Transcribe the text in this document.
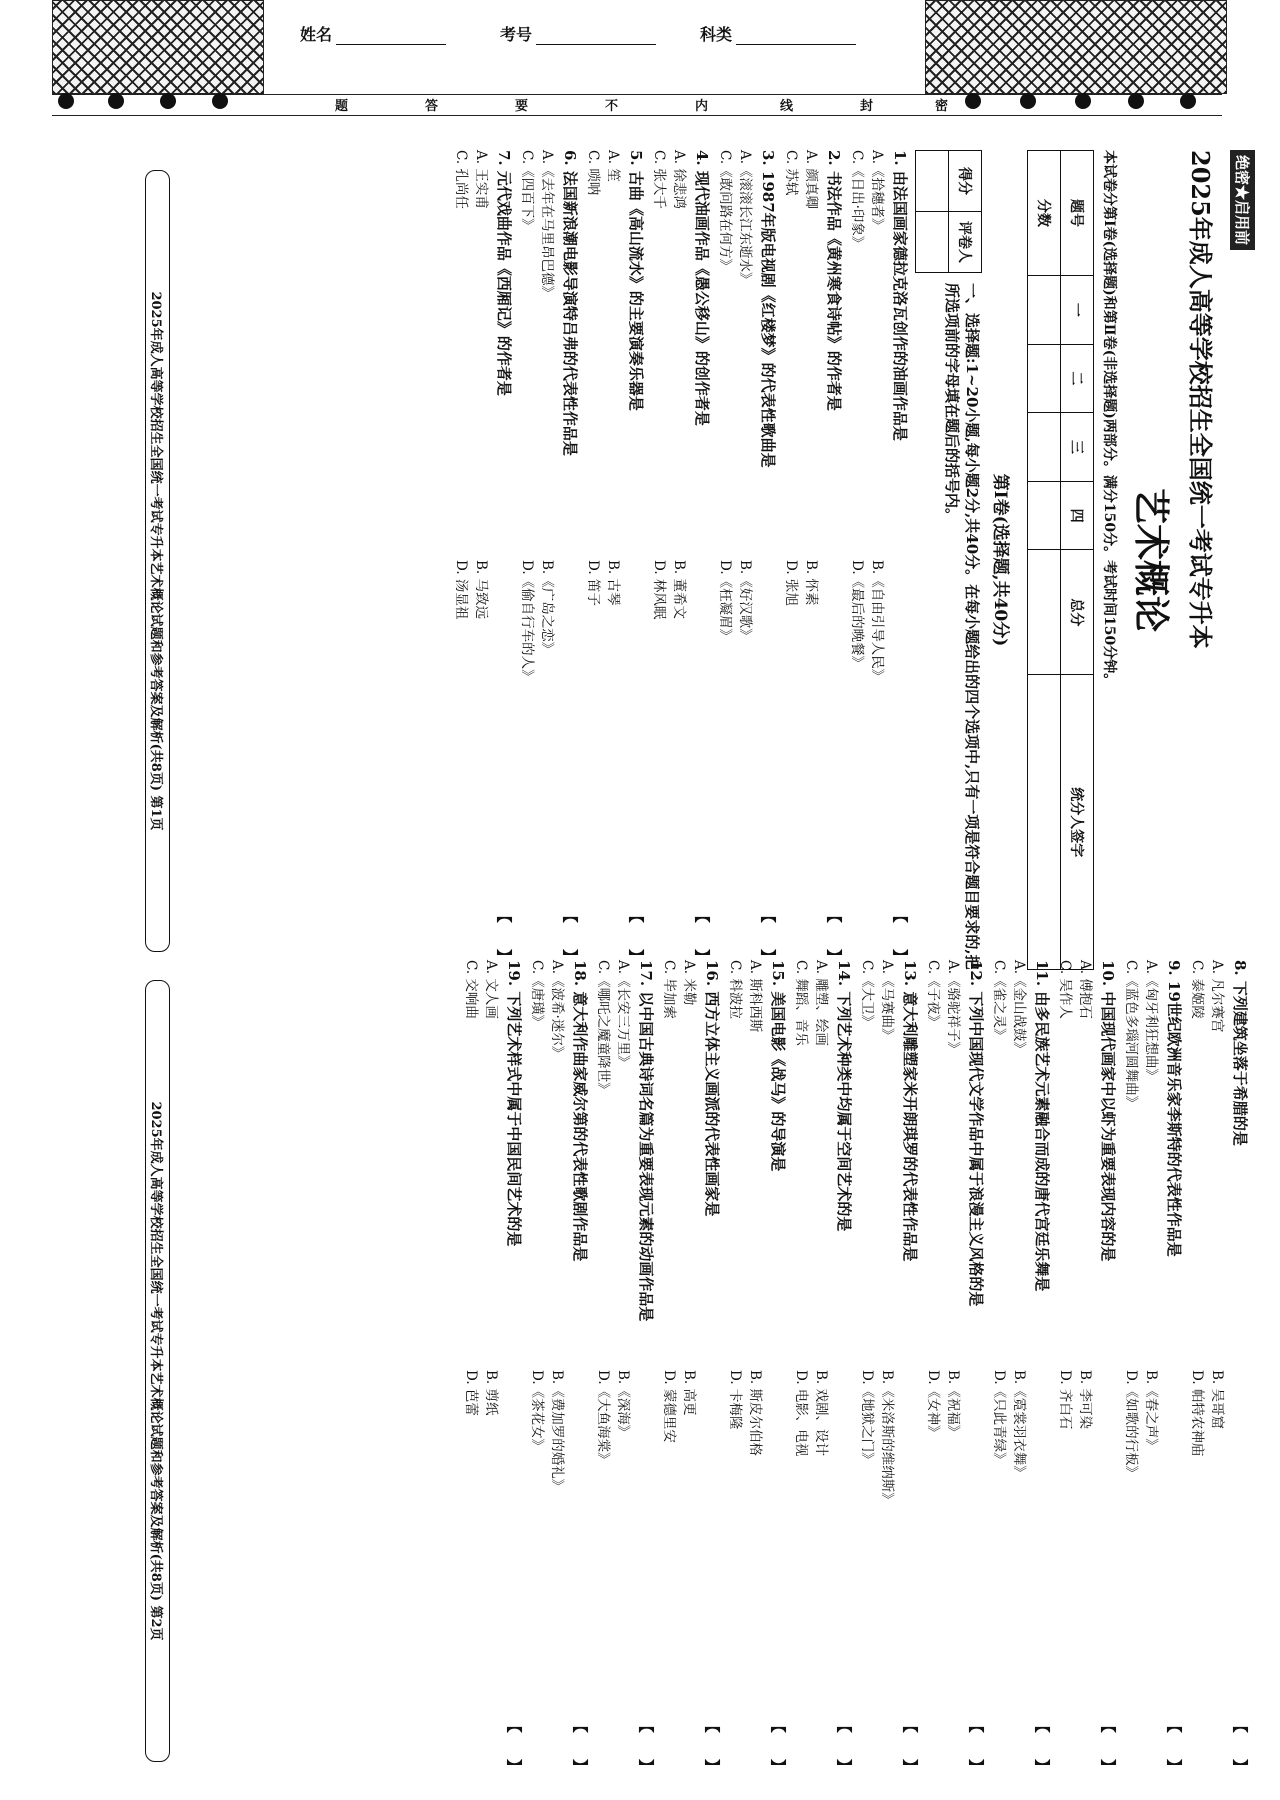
姓名	考号	科类
题	答	要	不	内	线	封	密
绝密★启用前
2025年成人高等学校招生全国统一考试专升本
艺术概论
本试卷分第Ⅰ卷(选择题)和第Ⅱ卷(非选择题)两部分。满分150分。考试时间150分钟。
题号	一	二	三	四	总分	统分人签字
分数						
第Ⅰ卷(选择题,共40分)
得分	评卷人

一、选择题:1~20小题,每小题2分,共40分。在每小题给出的四个选项中,只有一项是符合题目要求的,把所选项前的字母填在题后的括号内。
1. 由法国画家德拉克洛瓦创作的油画作品是
【     】
A.《拾穗者》
B.《自由引导人民》
C.《日出·印象》
D.《最后的晚餐》
2. 书法作品《黄州寒食诗帖》的作者是
【     】
A. 颜真卿
B. 怀素
C. 苏轼
D. 张旭
3. 1987年版电视剧《红楼梦》的代表性歌曲是
【     】
A.《滚滚长江东逝水》
B.《好汉歌》
C.《敢问路在何方》
D.《枉凝眉》
4. 现代油画作品《愚公移山》的创作者是
【     】
A. 徐悲鸿
B. 董希文
C. 张大千
D. 林风眠
5. 古曲《高山流水》的主要演奏乐器是
【     】
A. 笙
B. 古琴
C. 唢呐
D. 笛子
6. 法国新浪潮电影导演特吕弗的代表性作品是
【     】
A.《去年在马里昂巴德》
B.《广岛之恋》
C.《四百下》
D.《偷自行车的人》
7. 元代戏曲作品《西厢记》的作者是
【     】
A. 王实甫
B. 马致远
C. 孔尚任
D. 汤显祖
2025年成人高等学校招生全国统一考试专升本艺术概论试题和参考答案及解析(共8页) 第1页
8. 下列建筑坐落于希腊的是
【     】
A. 凡尔赛宫
B. 吴哥窟
C. 泰姬陵
D. 帕特农神庙
9. 19世纪欧洲音乐家李斯特的代表性作品是
【     】
A.《匈牙利狂想曲》
B.《春之声》
C.《蓝色多瑙河圆舞曲》
D.《如歌的行板》
10. 中国现代画家中以虾为重要表现内容的是
【     】
A. 傅抱石
B. 李可染
C. 吴作人
D. 齐白石
11. 由多民族艺术元素融合而成的唐代宫廷乐舞是
【     】
A.《金山战鼓》
B.《霓裳羽衣舞》
C.《雀之灵》
D.《只此青绿》
12. 下列中国现代文学作品中属于浪漫主义风格的是
【     】
A.《骆驼祥子》
B.《祝福》
C.《子夜》
D.《女神》
13. 意大利雕塑家米开朗琪罗的代表性作品是
【     】
A.《马赛曲》
B.《米洛斯的维纳斯》
C.《大卫》
D.《地狱之门》
14. 下列艺术种类中均属于空间艺术的是
【     】
A. 雕塑、绘画
B. 戏剧、设计
C. 舞蹈、音乐
D. 电影、电视
15. 美国电影《战马》的导演是
【     】
A. 斯科西斯
B. 斯皮尔伯格
C. 科波拉
D. 卡梅隆
16. 西方立体主义画派的代表性画家是
【     】
A. 米勒
B. 高更
C. 毕加索
D. 蒙德里安
17. 以中国古典诗词名篇为重要表现元素的动画作品是
【     】
A.《长安三万里》
B.《深海》
C.《哪吒之魔童降世》
D.《大鱼海棠》
18. 意大利作曲家威尔第的代表性歌剧作品是
【     】
A.《波希·迷尔》
B.《费加罗的婚礼》
C.《唐璜》
D.《茶花女》
19. 下列艺术样式中属于中国民间艺术的是
【     】
A. 文人画
B. 剪纸
C. 交响曲
D. 芭蕾
2025年成人高等学校招生全国统一考试专升本艺术概论试题和参考答案及解析(共8页) 第2页
